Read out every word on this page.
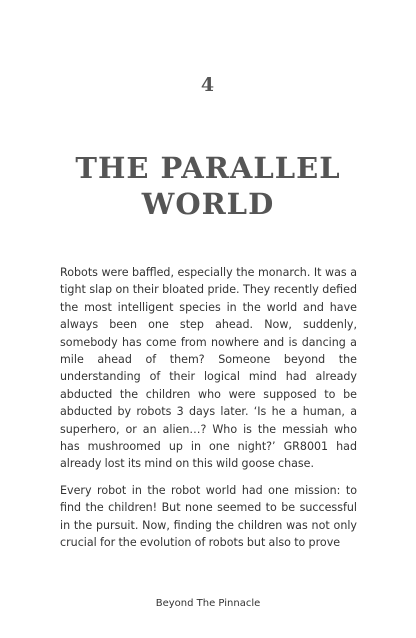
4
THE PARALLEL WORLD

Robots were baffled, especially the monarch. It was a tight slap on their bloated pride. They recently defied the most intelligent species in the world and have always been one step ahead. Now, suddenly, somebody has come from nowhere and is dancing a mile ahead of them? Someone beyond the understanding of their logical mind had already abducted the children who were supposed to be abducted by robots 3 days later. ‘Is he a human, a superhero, or an alien…? Who is the messiah who has mushroomed up in one night?’ GR8001 had already lost its mind on this wild goose chase.

Every robot in the robot world had one mission: to find the children! But none seemed to be successful in the pursuit. Now, finding the children was not only crucial for the evolution of robots but also to prove

Beyond The Pinnacle
